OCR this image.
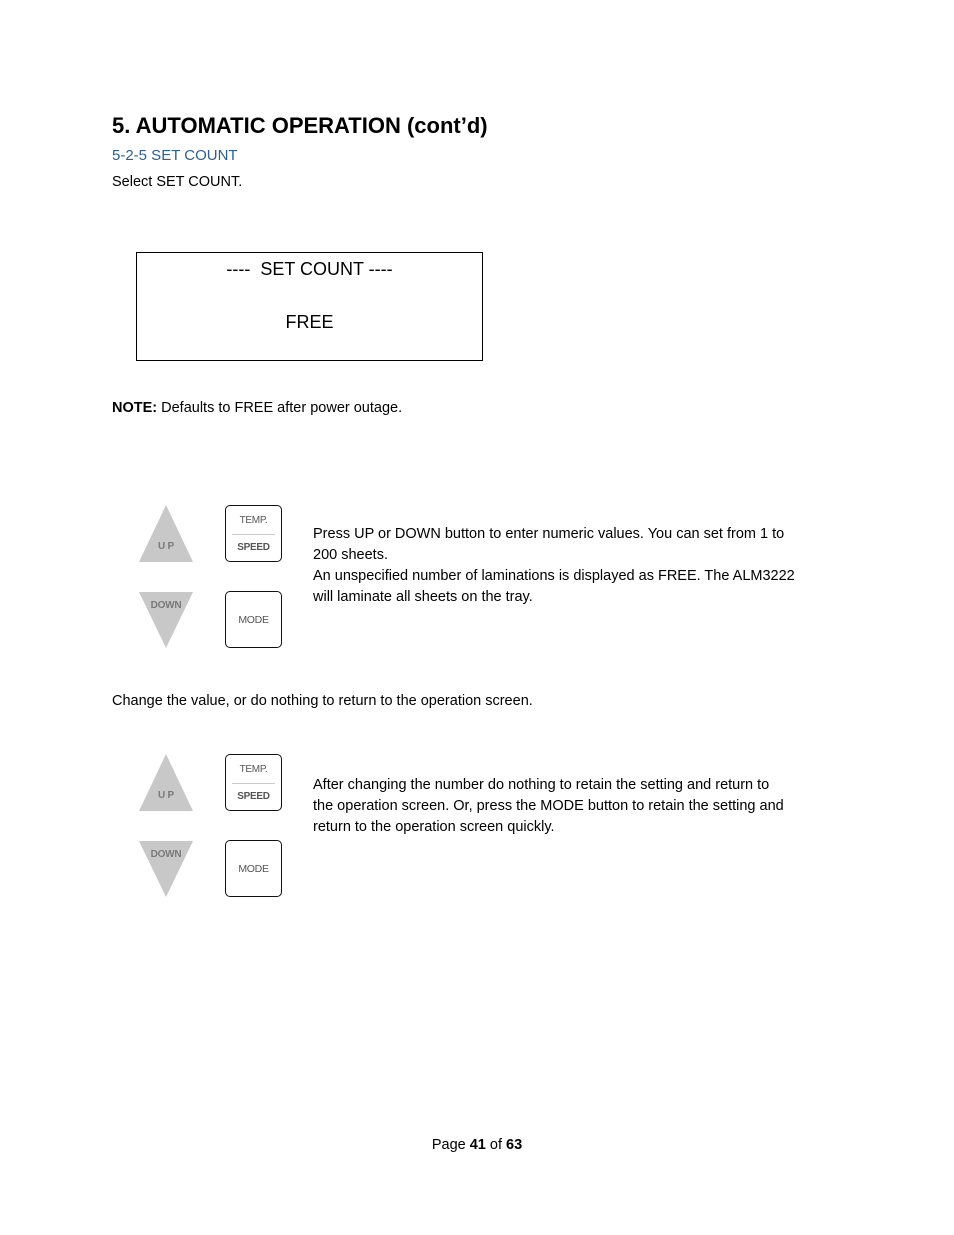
5. AUTOMATIC OPERATION (cont’d)
5-2-5 SET COUNT
Select SET COUNT.
----  SET COUNT ----
FREE
NOTE: Defaults to FREE after power outage.
U P
DOWN
TEMP.
SPEED
MODE
Press UP or DOWN button to enter numeric values. You can set from 1 to
200 sheets.
An unspecified number of laminations is displayed as FREE. The ALM3222
will laminate all sheets on the tray.
Change the value, or do nothing to return to the operation screen.
U P
DOWN
TEMP.
SPEED
MODE
After changing the number do nothing to retain the setting and return to
the operation screen. Or, press the MODE button to retain the setting and
return to the operation screen quickly.
Page 41 of 63
